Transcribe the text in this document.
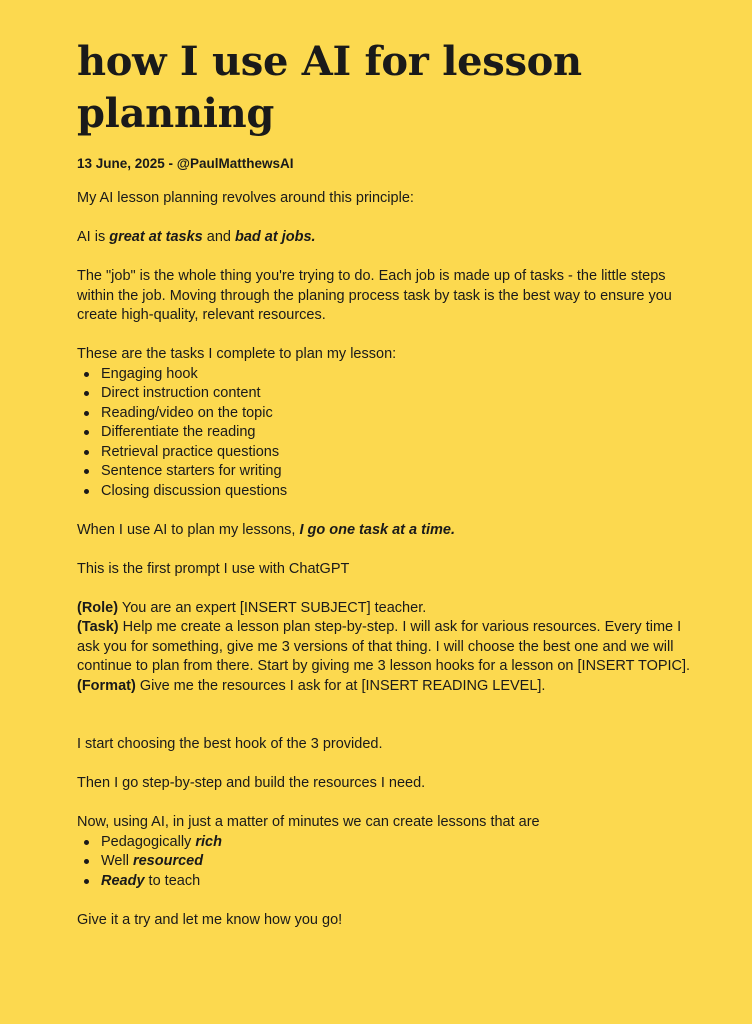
how I use AI for lesson planning
13 June, 2025 - @PaulMatthewsAI

My AI lesson planning revolves around this principle:

AI is great at tasks and bad at jobs.

The "job" is the whole thing you're trying to do. Each job is made up of tasks - the little steps within the job. Moving through the planing process task by task is the best way to ensure you create high-quality, relevant resources.

These are the tasks I complete to plan my lesson:

Engaging hook
Direct instruction content
Reading/video on the topic
Differentiate the reading
Retrieval practice questions
Sentence starters for writing
Closing discussion questions

When I use AI to plan my lessons, I go one task at a time.

This is the first prompt I use with ChatGPT

(Role) You are an expert [INSERT SUBJECT] teacher.

(Task) Help me create a lesson plan step-by-step. I will ask for various resources. Every time I ask you for something, give me 3 versions of that thing. I will choose the best one and we will continue to plan from there. Start by giving me 3 lesson hooks for a lesson on [INSERT TOPIC].

(Format) Give me the resources I ask for at [INSERT READING LEVEL].

I start choosing the best hook of the 3 provided.

Then I go step-by-step and build the resources I need.

Now, using AI, in just a matter of minutes we can create lessons that are

Pedagogically rich
Well resourced
Ready to teach

Give it a try and let me know how you go!
